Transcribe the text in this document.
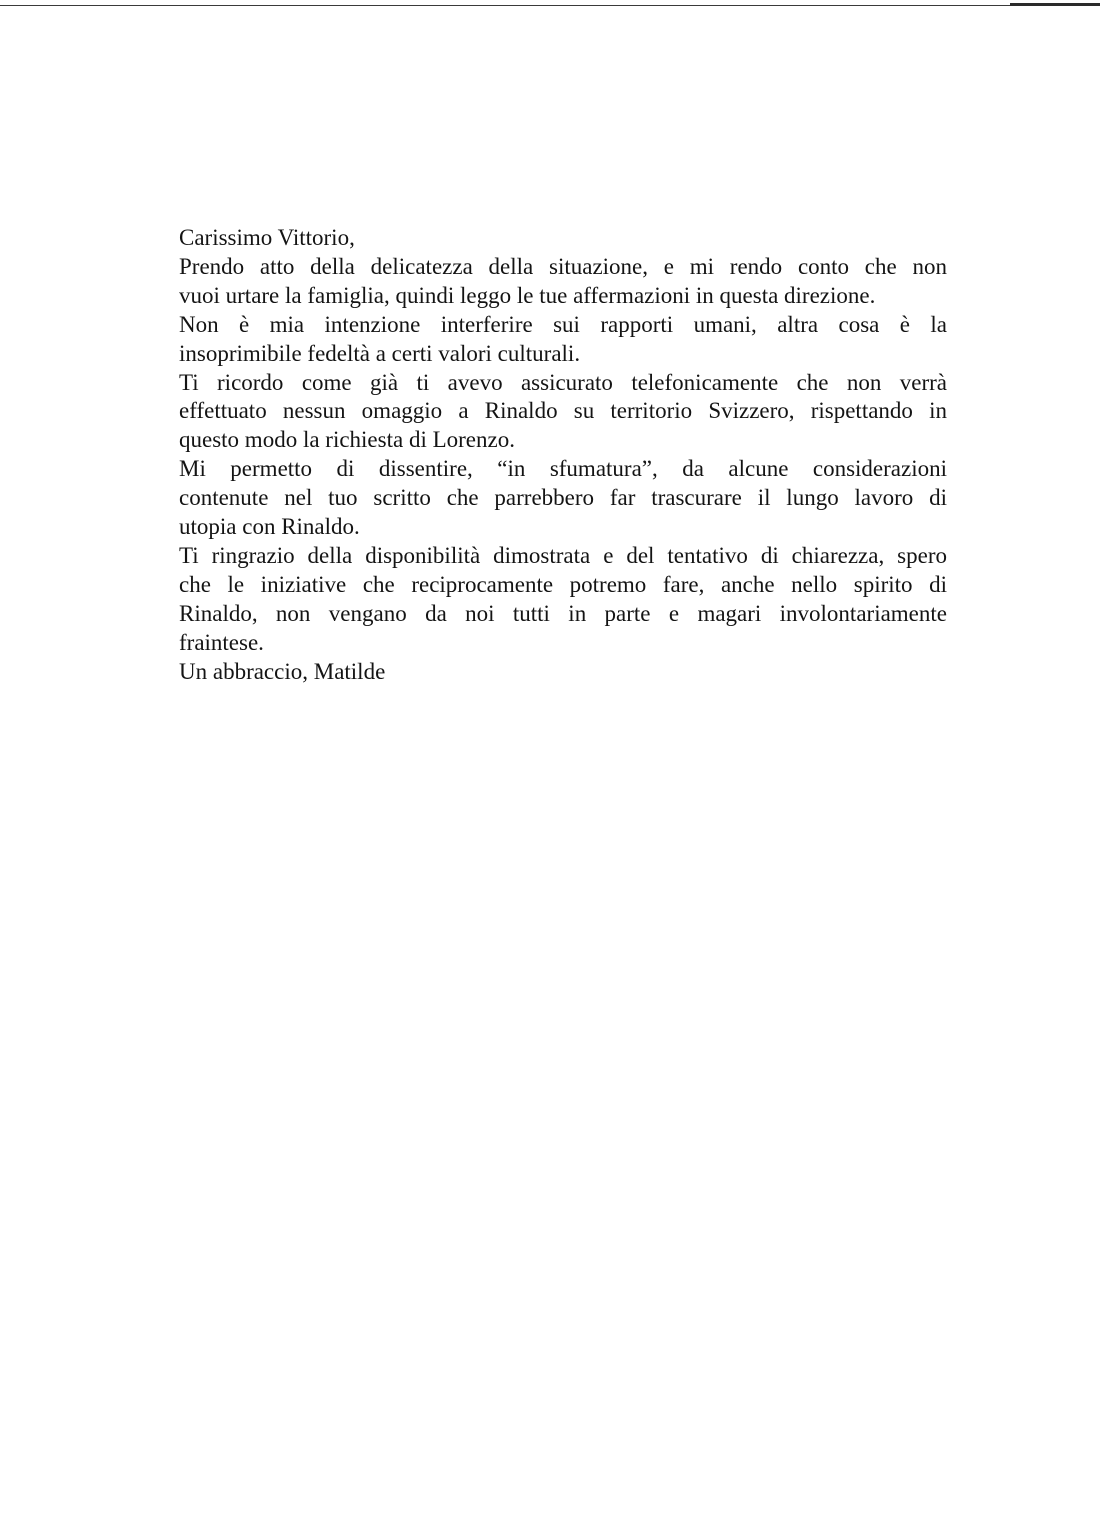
Carissimo Vittorio,

Prendo atto della delicatezza della situazione, e mi rendo conto che non

vuoi urtare la famiglia, quindi leggo le tue affermazioni in questa direzione.

Non è mia intenzione interferire sui rapporti umani, altra cosa è la

insoprimibile fedeltà a certi valori culturali.

Ti ricordo come già ti avevo assicurato telefonicamente che non verrà

effettuato nessun omaggio a Rinaldo su territorio Svizzero, rispettando in

questo modo la richiesta di Lorenzo.

Mi permetto di dissentire, “in sfumatura”, da alcune considerazioni

contenute nel tuo scritto che parrebbero far trascurare il lungo lavoro di

utopia con Rinaldo.

Ti ringrazio della disponibilità dimostrata e del tentativo di chiarezza, spero

che le iniziative che reciprocamente potremo fare, anche nello spirito di

Rinaldo, non vengano da noi tutti in parte e magari involontariamente

fraintese.

Un abbraccio, Matilde
